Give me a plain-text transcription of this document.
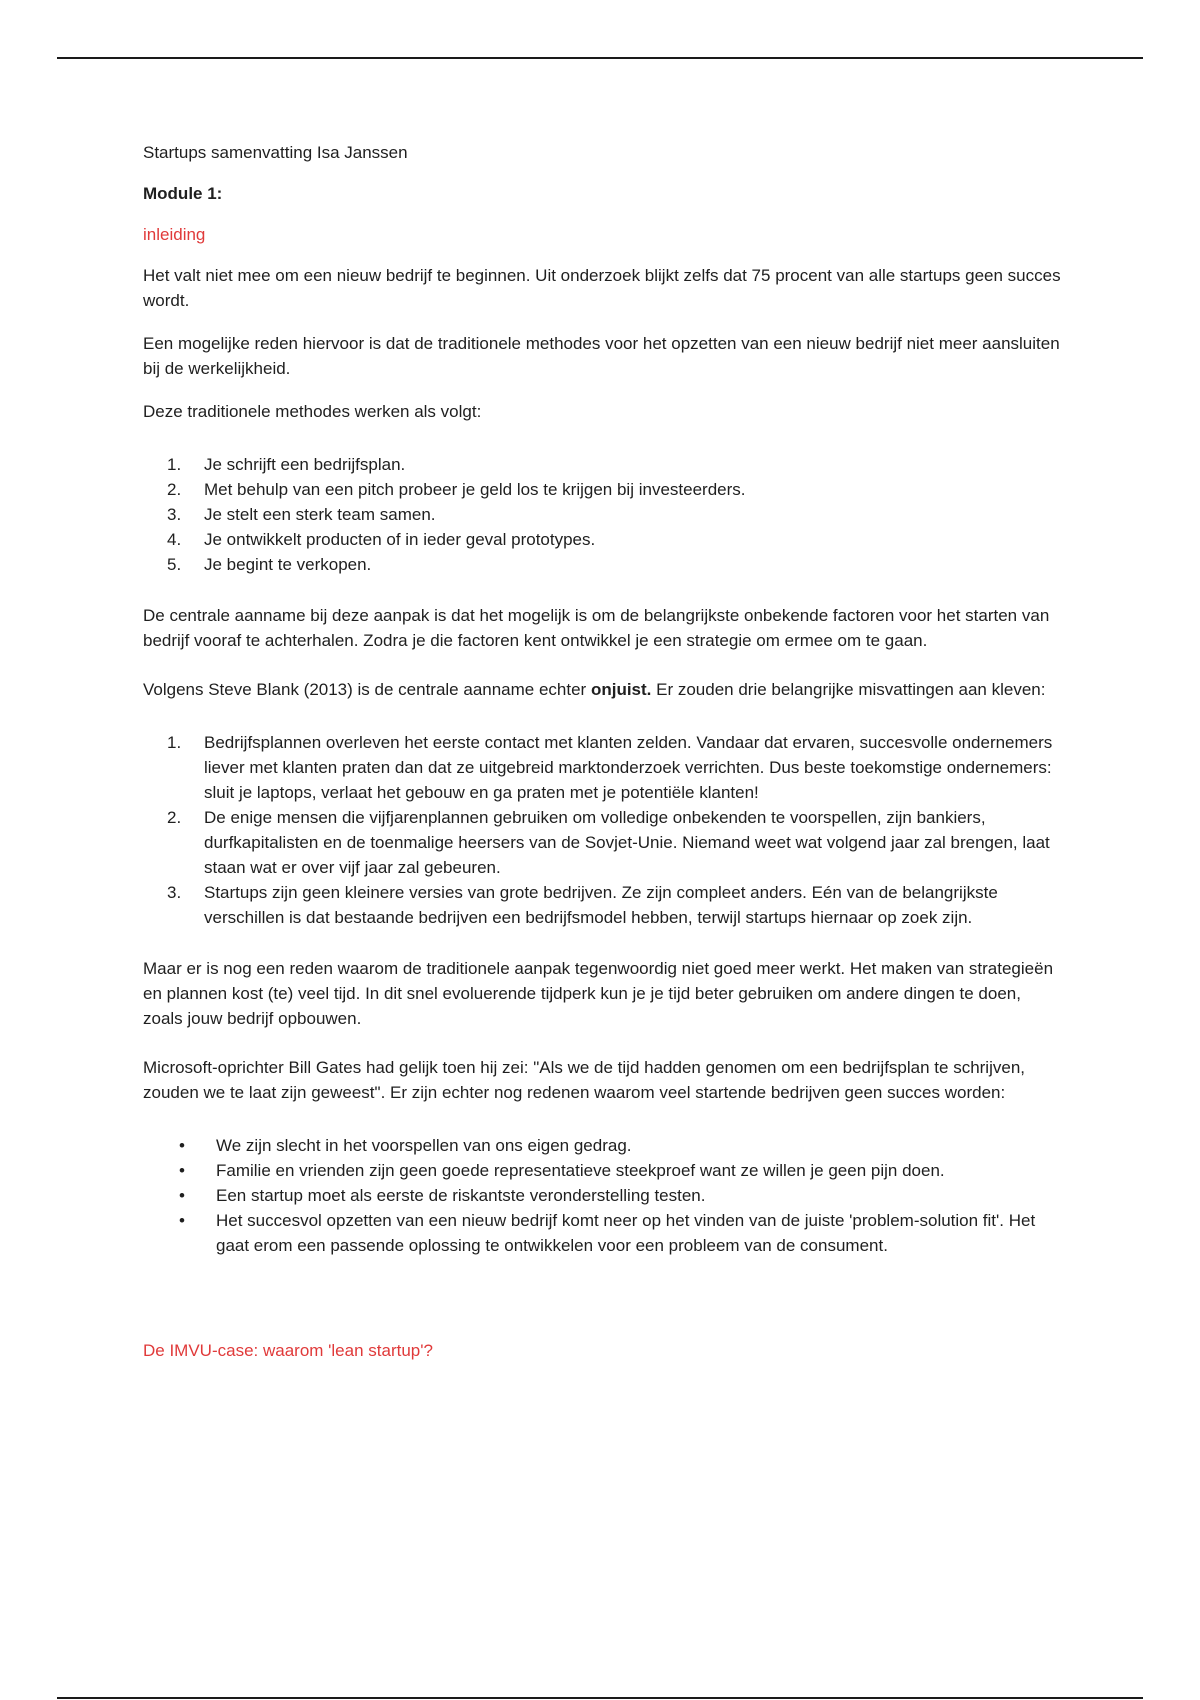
Startups samenvatting Isa Janssen

Module 1:

inleiding

Het valt niet mee om een nieuw bedrijf te beginnen. Uit onderzoek blijkt zelfs dat 75 procent van alle startups geen succes wordt.

Een mogelijke reden hiervoor is dat de traditionele methodes voor het opzetten van een nieuw bedrijf niet meer aansluiten bij de werkelijkheid.

Deze traditionele methodes werken als volgt:

1. Je schrijft een bedrijfsplan.
2. Met behulp van een pitch probeer je geld los te krijgen bij investeerders.
3. Je stelt een sterk team samen.
4. Je ontwikkelt producten of in ieder geval prototypes.
5. Je begint te verkopen.

De centrale aanname bij deze aanpak is dat het mogelijk is om de belangrijkste onbekende factoren voor het starten van bedrijf vooraf te achterhalen. Zodra je die factoren kent ontwikkel je een strategie om ermee om te gaan.

Volgens Steve Blank (2013) is de centrale aanname echter onjuist. Er zouden drie belangrijke misvattingen aan kleven:

1. Bedrijfsplannen overleven het eerste contact met klanten zelden. Vandaar dat ervaren, succesvolle ondernemers liever met klanten praten dan dat ze uitgebreid marktonderzoek verrichten. Dus beste toekomstige ondernemers: sluit je laptops, verlaat het gebouw en ga praten met je potentiële klanten!
2. De enige mensen die vijfjarenplannen gebruiken om volledige onbekenden te voorspellen, zijn bankiers, durfkapitalisten en de toenmalige heersers van de Sovjet-Unie. Niemand weet wat volgend jaar zal brengen, laat staan wat er over vijf jaar zal gebeuren.
3. Startups zijn geen kleinere versies van grote bedrijven. Ze zijn compleet anders. Eén van de belangrijkste verschillen is dat bestaande bedrijven een bedrijfsmodel hebben, terwijl startups hiernaar op zoek zijn.

Maar er is nog een reden waarom de traditionele aanpak tegenwoordig niet goed meer werkt. Het maken van strategieën en plannen kost (te) veel tijd. In dit snel evoluerende tijdperk kun je je tijd beter gebruiken om andere dingen te doen, zoals jouw bedrijf opbouwen.

Microsoft-oprichter Bill Gates had gelijk toen hij zei: "Als we de tijd hadden genomen om een bedrijfsplan te schrijven, zouden we te laat zijn geweest". Er zijn echter nog redenen waarom veel startende bedrijven geen succes worden:

• We zijn slecht in het voorspellen van ons eigen gedrag.
• Familie en vrienden zijn geen goede representatieve steekproef want ze willen je geen pijn doen.
• Een startup moet als eerste de riskantste veronderstelling testen.
• Het succesvol opzetten van een nieuw bedrijf komt neer op het vinden van de juiste 'problem-solution fit'. Het gaat erom een passende oplossing te ontwikkelen voor een probleem van de consument.

De IMVU-case: waarom 'lean startup'?
